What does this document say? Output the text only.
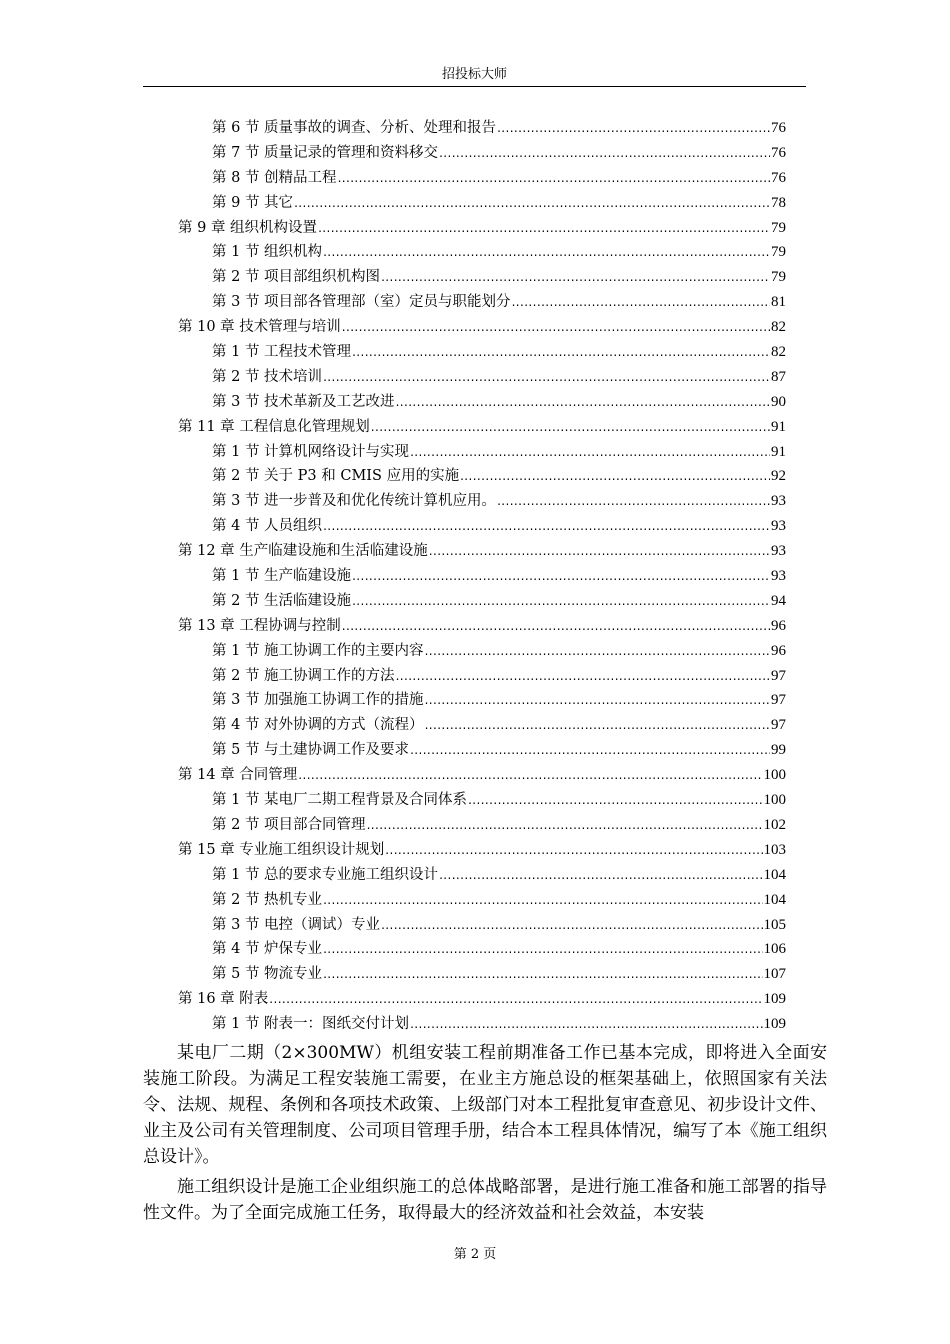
招投标大师
第 6 节 质量事故的调查、分析、处理和报告 .....	76
第 7 节 质量记录的管理和资料移交 .....	76
第 8 节 创精品工程 .....	76
第 9 节 其它 .....	78
第 9 章 组织机构设置 .....	79
第 1 节 组织机构 .....	79
第 2 节 项目部组织机构图 .....	79
第 3 节 项目部各管理部（室）定员与职能划分 .....	81
第 10 章 技术管理与培训 .....	82
第 1 节 工程技术管理 .....	82
第 2 节 技术培训 .....	87
第 3 节 技术革新及工艺改进 .....	90
第 11 章 工程信息化管理规划 .....	91
第 1 节 计算机网络设计与实现 .....	91
第 2 节 关于 P3 和 CMIS 应用的实施 .....	92
第 3 节 进一步普及和优化传统计算机应用。 .....	93
第 4 节 人员组织 .....	93
第 12 章 生产临建设施和生活临建设施 .....	93
第 1 节 生产临建设施 .....	93
第 2 节 生活临建设施 .....	94
第 13 章 工程协调与控制 .....	96
第 1 节 施工协调工作的主要内容 .....	96
第 2 节 施工协调工作的方法 .....	97
第 3 节 加强施工协调工作的措施 .....	97
第 4 节 对外协调的方式（流程） .....	97
第 5 节 与土建协调工作及要求 .....	99
第 14 章 合同管理 .....	100
第 1 节 某电厂二期工程背景及合同体系 .....	100
第 2 节 项目部合同管理 .....	102
第 15 章 专业施工组织设计规划 .....	103
第 1 节 总的要求专业施工组织设计 .....	104
第 2 节 热机专业 .....	104
第 3 节 电控（调试）专业 .....	105
第 4 节 炉保专业 .....	106
第 5 节 物流专业 .....	107
第 16 章 附表 .....	109
第 1 节 附表一：图纸交付计划 .....	109

某电厂二期（2×300MW）机组安装工程前期准备工作已基本完成，即将进入全面安装施工阶段。为满足工程安装施工需要，在业主方施总设的框架基础上，依照国家有关法令、法规、规程、条例和各项技术政策、上级部门对本工程批复审查意见、初步设计文件、业主及公司有关管理制度、公司项目管理手册，结合本工程具体情况，编写了本《施工组织总设计》。

施工组织设计是施工企业组织施工的总体战略部署，是进行施工准备和施工部署的指导性文件。为了全面完成施工任务，取得最大的经济效益和社会效益，本安装

第 2 页
